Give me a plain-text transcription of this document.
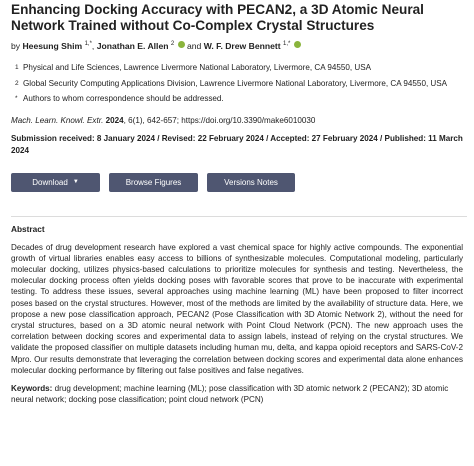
Enhancing Docking Accuracy with PECAN2, a 3D Atomic Neural Network Trained without Co-Complex Crystal Structures
by Heesung Shim $^{1,*}$, Jonathan E. Allen $^2$ and W. F. Drew Bennett $^{1,*}$
1 Physical and Life Sciences, Lawrence Livermore National Laboratory, Livermore, CA 94550, USA
2 Global Security Computing Applications Division, Lawrence Livermore National Laboratory, Livermore, CA 94550, USA
* Authors to whom correspondence should be addressed.
Mach. Learn. Knowl. Extr. 2024, 6(1), 642-657; https://doi.org/10.3390/make6010030
Submission received: 8 January 2024 / Revised: 22 February 2024 / Accepted: 27 February 2024 / Published: 11 March 2024
Download ▼	Browse Figures	Versions Notes
Abstract

Decades of drug development research have explored a vast chemical space for highly active compounds. The exponential growth of virtual libraries enables easy access to billions of synthesizable molecules. Computational modeling, particularly molecular docking, utilizes physics-based calculations to prioritize molecules for synthesis and testing. Nevertheless, the molecular docking process often yields docking poses with favorable scores that prove to be inaccurate with experimental testing. To address these issues, several approaches using machine learning (ML) have been proposed to filter incorrect poses based on the crystal structures. However, most of the methods are limited by the availability of structure data. Here, we propose a new pose classification approach, PECAN2 (Pose Classification with 3D Atomic Network 2), without the need for crystal structures, based on a 3D atomic neural network with Point Cloud Network (PCN). The new approach uses the correlation between docking scores and experimental data to assign labels, instead of relying on the crystal structures. We validate the proposed classifier on multiple datasets including human mu, delta, and kappa opioid receptors and SARS-CoV-2 Mpro. Our results demonstrate that leveraging the correlation between docking scores and experimental data alone enhances molecular docking performance by filtering out false positives and false negatives.

Keywords: drug development; machine learning (ML); pose classification with 3D atomic network 2 (PECAN2); 3D atomic neural network; docking pose classification; point cloud network (PCN)
